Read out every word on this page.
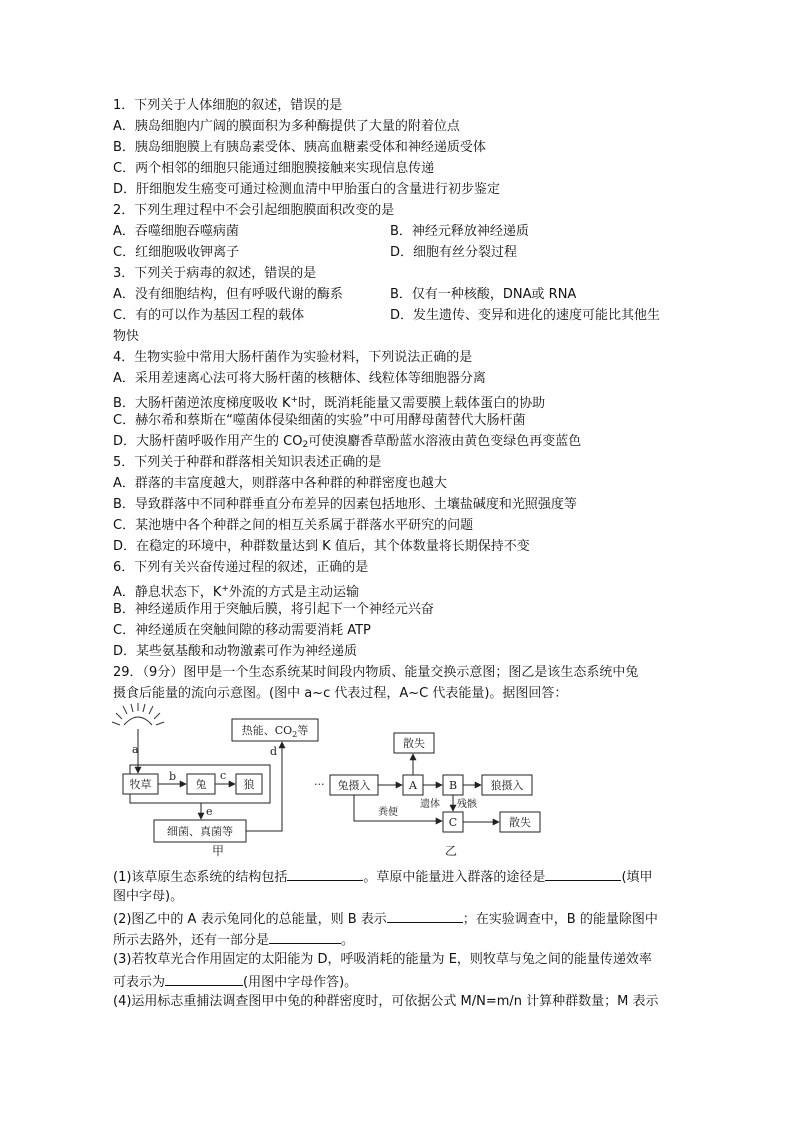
1．下列关于人体细胞的叙述，错误的是
A．胰岛细胞内广阔的膜面积为多种酶提供了大量的附着位点
B．胰岛细胞膜上有胰岛素受体、胰高血糖素受体和神经递质受体
C．两个相邻的细胞只能通过细胞膜接触来实现信息传递
D．肝细胞发生癌变可通过检测血清中甲胎蛋白的含量进行初步鉴定
2．下列生理过程中不会引起细胞膜面积改变的是
A．吞噬细胞吞噬病菌	B．神经元释放神经递质
C．红细胞吸收钾离子	D．细胞有丝分裂过程
3．下列关于病毒的叙述，错误的是
A．没有细胞结构，但有呼吸代谢的酶系	B．仅有一种核酸，DNA或 RNA
C．有的可以作为基因工程的载体	D．发生遗传、变异和进化的速度可能比其他生
物快
4．生物实验中常用大肠杆菌作为实验材料，下列说法正确的是
A．采用差速离心法可将大肠杆菌的核糖体、线粒体等细胞器分离
B．大肠杆菌逆浓度梯度吸收 K+时，既消耗能量又需要膜上载体蛋白的协助
C．赫尔希和蔡斯在“噬菌体侵染细菌的实验”中可用酵母菌替代大肠杆菌
D．大肠杆菌呼吸作用产生的 $CO_2$可使溴麝香草酚蓝水溶液由黄色变绿色再变蓝色
5．下列关于种群和群落相关知识表述正确的是
A．群落的丰富度越大，则群落中各种群的种群密度也越大
B．导致群落中不同种群垂直分布差异的因素包括地形、土壤盐碱度和光照强度等
C．某池塘中各个种群之间的相互关系属于群落水平研究的问题
D．在稳定的环境中，种群数量达到 K 值后，其个体数量将长期保持不变
6．下列有关兴奋传递过程的叙述，正确的是
A．静息状态下，K+外流的方式是主动运输
B．神经递质作用于突触后膜，将引起下一个神经元兴奋
C．神经递质在突触间隙的移动需要消耗 ATP
D．某些氨基酸和动物激素可作为神经递质
29．（9分）图甲是一个生态系统某时间段内物质、能量交换示意图；图乙是该生态系统中兔
摄食后能量的流向示意图。(图中 a~c 代表过程，A~C 代表能量)。据图回答：
a
牧草	兔	狼
热能、$CO_2$等
细菌、真菌等
b	c
e
d
甲
散失
··· 兔摄入	A	B	狼摄入
C	散失
遗体 残骸
粪便
乙
(1)该草原生态系统的结构包括	。草原中能量进入群落的途径是	(填甲
图中字母)。
(2)图乙中的 A 表示兔同化的总能量，则 B 表示	；在实验调查中，B 的能量除图中
所示去路外，还有一部分是	。
(3)若牧草光合作用固定的太阳能为 D，呼吸消耗的能量为 E，则牧草与兔之间的能量传递效率
可表示为	(用图中字母作答)。
(4)运用标志重捕法调查图甲中兔的种群密度时，可依据公式 M/N=m/n 计算种群数量；M 表示
